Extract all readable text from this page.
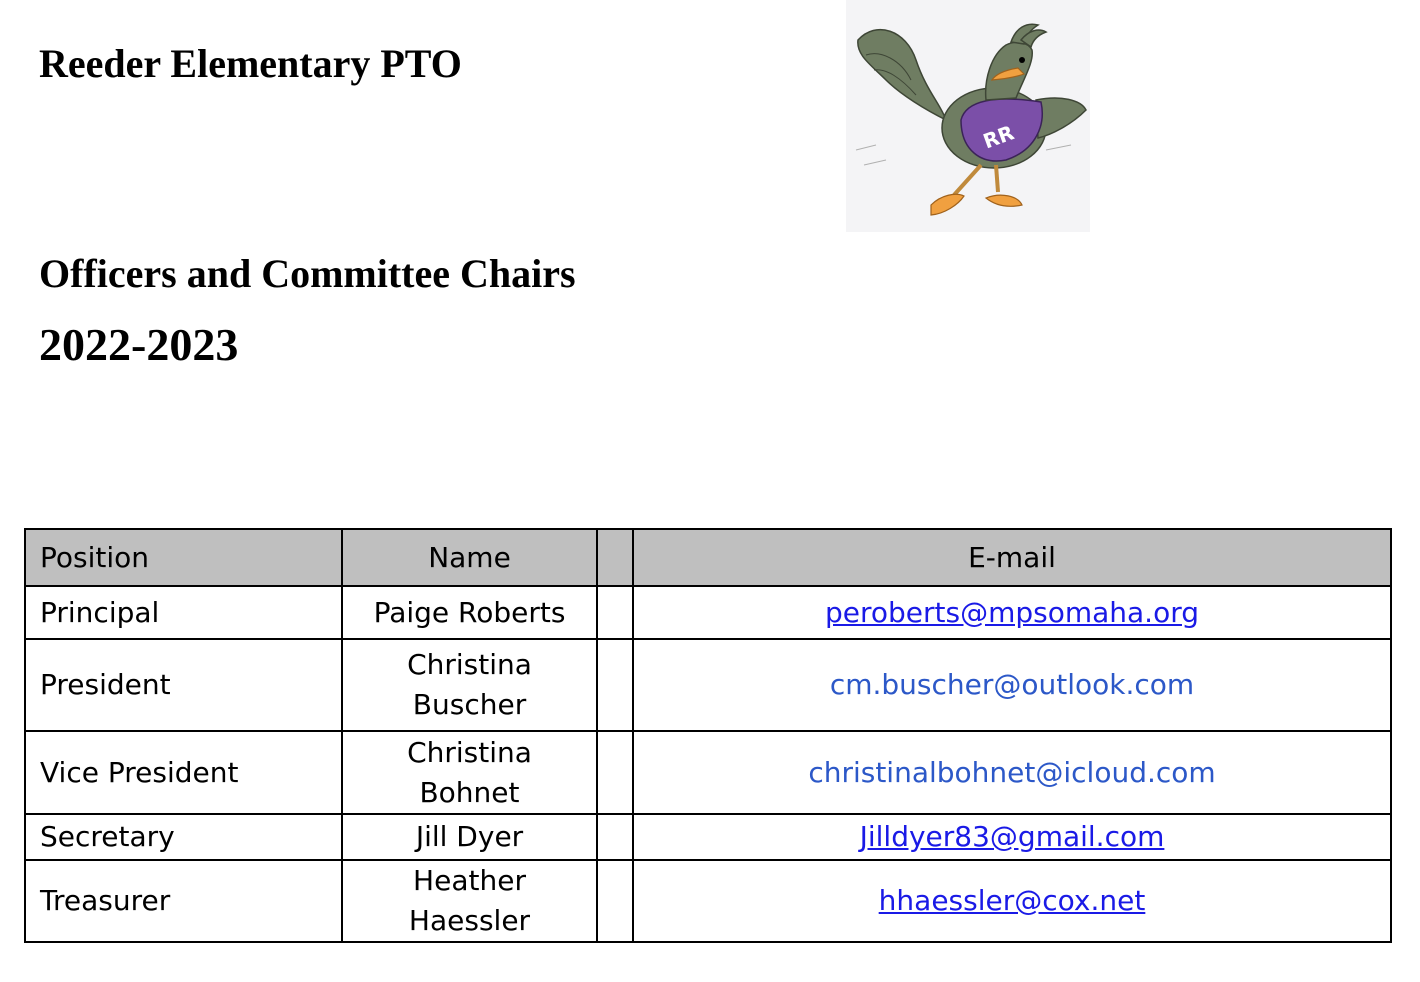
Reeder Elementary PTO
RR
Officers and Committee Chairs
2022-2023
Position	Name		E-mail
Principal	Paige Roberts		peroberts@mpsomaha.org
President	Christina Buscher		cm.buscher@outlook.com
Vice President	Christina Bohnet		christinalbohnet@icloud.com
Secretary	Jill Dyer		Jilldyer83@gmail.com
Treasurer	Heather Haessler		hhaessler@cox.net
